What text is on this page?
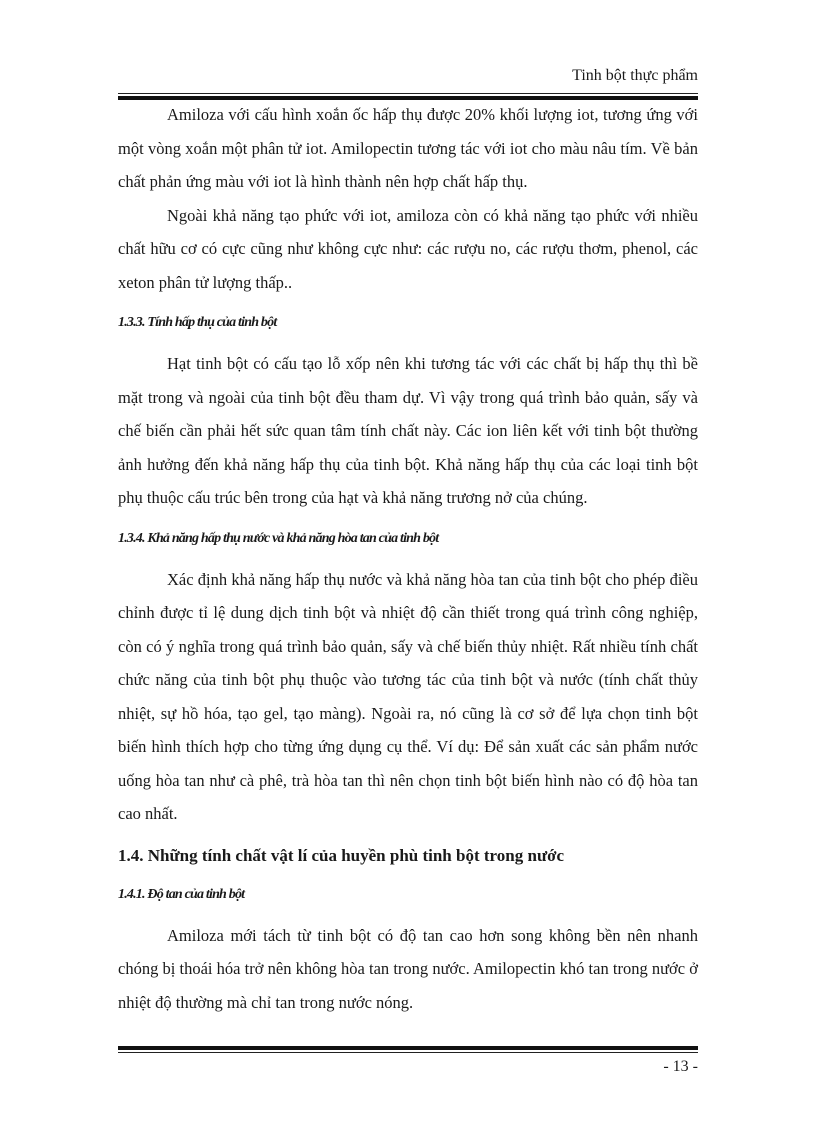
Tinh bột thực phẩm

Amiloza với cấu hình xoắn ốc hấp thụ được 20% khối lượng iot, tương ứng với một vòng xoắn một phân tử iot. Amilopectin tương tác với iot cho màu nâu tím. Về bản chất phản ứng màu với iot là hình thành nên hợp chất hấp thụ.

Ngoài khả năng tạo phức với iot, amiloza còn có khả năng tạo phức với nhiều chất hữu cơ có cực cũng như không cực như: các rượu no, các rượu thơm, phenol, các xeton phân tử lượng thấp..

1.3.3. Tính hấp thụ của tinh bột

Hạt tinh bột có cấu tạo lỗ xốp nên khi tương tác với các chất bị hấp thụ thì bề mặt trong và ngoài của tinh bột đều tham dự. Vì vậy trong quá trình bảo quản, sấy và chế biến cần phải hết sức quan tâm tính chất này. Các ion liên kết với tinh bột thường ảnh hưởng đến khả năng hấp thụ của tinh bột. Khả năng hấp thụ của các loại tinh bột phụ thuộc cấu trúc bên trong của hạt và khả năng trương nở của chúng.

1.3.4. Khả năng hấp thụ nước và khả năng hòa tan của tinh bột

Xác định khả năng hấp thụ nước và khả năng hòa tan của tinh bột cho phép điều chỉnh được tỉ lệ dung dịch tinh bột và nhiệt độ cần thiết trong quá trình công nghiệp, còn có ý nghĩa trong quá trình bảo quản, sấy và chế biến thủy nhiệt. Rất nhiều tính chất chức năng của tinh bột phụ thuộc vào tương tác của tinh bột và nước (tính chất thủy nhiệt, sự hồ hóa, tạo gel, tạo màng). Ngoài ra, nó cũng là cơ sở để lựa chọn tinh bột biến hình thích hợp cho từng ứng dụng cụ thể. Ví dụ: Để sản xuất các sản phẩm nước uống hòa tan như cà phê, trà hòa tan thì nên chọn tinh bột biến hình nào có độ hòa tan cao nhất.

1.4. Những tính chất vật lí của huyền phù tinh bột trong nước
1.4.1. Độ tan của tinh bột

Amiloza mới tách từ tinh bột có độ tan cao hơn song không bền nên nhanh chóng bị thoái hóa trở nên không hòa tan trong nước. Amilopectin khó tan trong nước ở nhiệt độ thường mà chỉ tan trong nước nóng.

- 13 -
